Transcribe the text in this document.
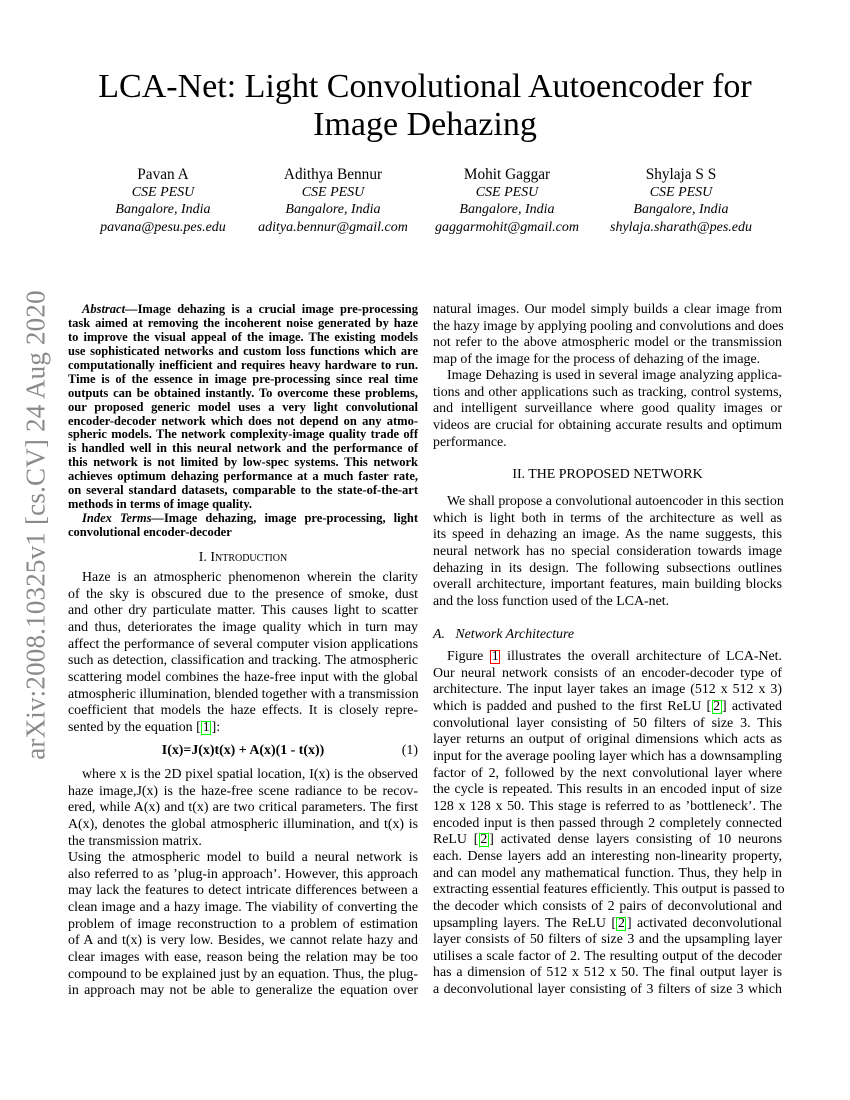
arXiv:2008.10325v1 [cs.CV] 24 Aug 2020
LCA-Net: Light Convolutional Autoencoder for
Image Dehazing
Pavan A
CSE PESU
Bangalore, India
pavana@pesu.pes.edu
Adithya Bennur
CSE PESU
Bangalore, India
aditya.bennur@gmail.com
Mohit Gaggar
CSE PESU
Bangalore, India
gaggarmohit@gmail.com
Shylaja S S
CSE PESU
Bangalore, India
shylaja.sharath@pes.edu
Abstract—Image dehazing is a crucial image pre-processing
task aimed at removing the incoherent noise generated by haze
to improve the visual appeal of the image. The existing models
use sophisticated networks and custom loss functions which are
computationally inefficient and requires heavy hardware to run.
Time is of the essence in image pre-processing since real time
outputs can be obtained instantly. To overcome these problems,
our proposed generic model uses a very light convolutional
encoder-decoder network which does not depend on any atmo-
spheric models. The network complexity-image quality trade off
is handled well in this neural network and the performance of
this network is not limited by low-spec systems. This network
achieves optimum dehazing performance at a much faster rate,
on several standard datasets, comparable to the state-of-the-art
methods in terms of image quality.
Index Terms—Image dehazing, image pre-processing, light
convolutional encoder-decoder
I. Introduction
Haze is an atmospheric phenomenon wherein the clarity
of the sky is obscured due to the presence of smoke, dust
and other dry particulate matter. This causes light to scatter
and thus, deteriorates the image quality which in turn may
affect the performance of several computer vision applications
such as detection, classification and tracking. The atmospheric
scattering model combines the haze-free input with the global
atmospheric illumination, blended together with a transmission
coefficient that models the haze effects. It is closely repre-
sented by the equation [ 1 ]:
I(x)=J(x)t(x) + A(x)(1 - t(x))	(1)
where x is the 2D pixel spatial location, I(x) is the observed
haze image,J(x) is the haze-free scene radiance to be recov-
ered, while A(x) and t(x) are two critical parameters. The first
A(x), denotes the global atmospheric illumination, and t(x) is
the transmission matrix.
Using the atmospheric model to build a neural network is
also referred to as ’plug-in approach’. However, this approach
may lack the features to detect intricate differences between a
clean image and a hazy image. The viability of converting the
problem of image reconstruction to a problem of estimation
of A and t(x) is very low. Besides, we cannot relate hazy and
clear images with ease, reason being the relation may be too
compound to be explained just by an equation. Thus, the plug-
in approach may not be able to generalize the equation over
natural images. Our model simply builds a clear image from
the hazy image by applying pooling and convolutions and does
not refer to the above atmospheric model or the transmission
map of the image for the process of dehazing of the image.
Image Dehazing is used in several image analyzing applica-
tions and other applications such as tracking, control systems,
and intelligent surveillance where good quality images or
videos are crucial for obtaining accurate results and optimum
performance.
II. THE PROPOSED NETWORK
We shall propose a convolutional autoencoder in this section
which is light both in terms of the architecture as well as
its speed in dehazing an image. As the name suggests, this
neural network has no special consideration towards image
dehazing in its design. The following subsections outlines
overall architecture, important features, main building blocks
and the loss function used of the LCA-net.
A.   Network Architecture
Figure 1 illustrates the overall architecture of LCA-Net.
Our neural network consists of an encoder-decoder type of
architecture. The input layer takes an image (512 x 512 x 3)
which is padded and pushed to the first ReLU [ 2 ] activated
convolutional layer consisting of 50 filters of size 3. This
layer returns an output of original dimensions which acts as
input for the average pooling layer which has a downsampling
factor of 2, followed by the next convolutional layer where
the cycle is repeated. This results in an encoded input of size
128 x 128 x 50. This stage is referred to as ’bottleneck’. The
encoded input is then passed through 2 completely connected
ReLU [ 2 ] activated dense layers consisting of 10 neurons
each. Dense layers add an interesting non-linearity property,
and can model any mathematical function. Thus, they help in
extracting essential features efficiently. This output is passed to
the decoder which consists of 2 pairs of deconvolutional and
upsampling layers. The ReLU [ 2 ] activated deconvolutional
layer consists of 50 filters of size 3 and the upsampling layer
utilises a scale factor of 2. The resulting output of the decoder
has a dimension of 512 x 512 x 50. The final output layer is
a deconvolutional layer consisting of 3 filters of size 3 which
